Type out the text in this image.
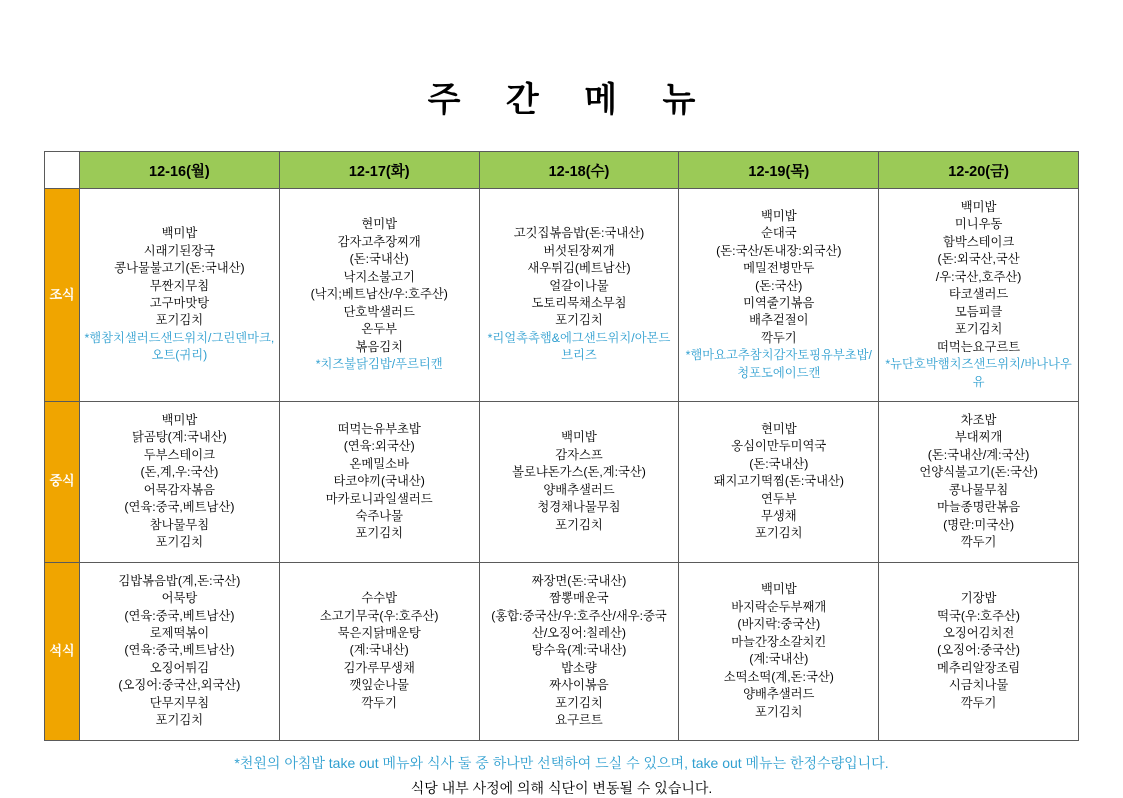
주 간 메 뉴
	12-16(월)	12-17(화)	12-18(수)	12-19(목)	12-20(금)

조식
	백미밥
시래기된장국
콩나물불고기(돈:국내산)
무짠지무침
고구마맛탕
포기김치
*햄참치샐러드샌드위치/그린덴마크,오트(귀리)	현미밥
감자고추장찌개
(돈:국내산)
낙지소불고기
(낙지;베트남산/우:호주산)
단호박샐러드
온두부
볶음김치
*치즈불닭김밥/푸르티캔	고깃집볶음밥(돈:국내산)
버섯된장찌개
새우튀김(베트남산)
얼갈이나물
도토리묵채소무침
포기김치
*리얼촉촉햄&에그샌드위치/아몬드브리즈	백미밥
순대국
(돈:국산/돈내장:외국산)
메밀전병만두
(돈:국산)
미역줄기볶음
배추겉절이
깍두기
*햄마요고추참치감자토핑유부초밥/청포도에이드캔	백미밥
미니우동
함박스테이크
(돈:외국산,국산
/우:국산,호주산)
타코샐러드
모듬피클
포기김치
떠먹는요구르트
*뉴단호박햄치즈샌드위치/바나나우유

중식
	백미밥
닭곰탕(계:국내산)
두부스테이크
(돈,계,우:국산)
어묵감자볶음
(연육:중국,베트남산)
참나물무침
포기김치	떠먹는유부초밥
(연육:외국산)
온메밀소바
타코야끼(국내산)
마카로니과일샐러드
숙주나물
포기김치	백미밥
감자스프
볼로냐돈가스(돈,계:국산)
양배추샐러드
청경채나물무침
포기김치	현미밥
옹심이만두미역국
(돈:국내산)
돼지고기떡찜(돈:국내산)
연두부
무생채
포기김치	차조밥
부대찌개
(돈:국내산/계:국산)
언양식불고기(돈:국산)
콩나물무침
마늘종명란볶음
(명란:미국산)
깍두기

석식
	김밥볶음밥(계,돈:국산)
어묵탕
(연육:중국,베트남산)
로제떡볶이
(연육:중국,베트남산)
오징어튀김
(오징어:중국산,외국산)
단무지무침
포기김치	수수밥
소고기무국(우:호주산)
묵은지닭매운탕
(계:국내산)
김가루무생채
깻잎순나물
깍두기	짜장면(돈:국내산)
짬뽕매운국
(홍합:중국산/우:호주산/새우:중국산/오징어:칠레산)
탕수육(계:국내산)
밥소량
짜사이볶음
포기김치
요구르트	백미밥
바지락순두부째개
(바지락:중국산)
마늘간장소갈치킨
(계:국내산)
소떡소떡(계,돈:국산)
양배추샐러드
포기김치	기장밥
떡국(우:호주산)
오징어김치전
(오징어:중국산)
메추리알장조림
시금치나물
깍두기
*천원의 아침밥 take out 메뉴와 식사 둘 중 하나만 선택하여 드실 수 있으며, take out 메뉴는 한정수량입니다.
식당 내부 사정에 의해 식단이 변동될 수 있습니다.
